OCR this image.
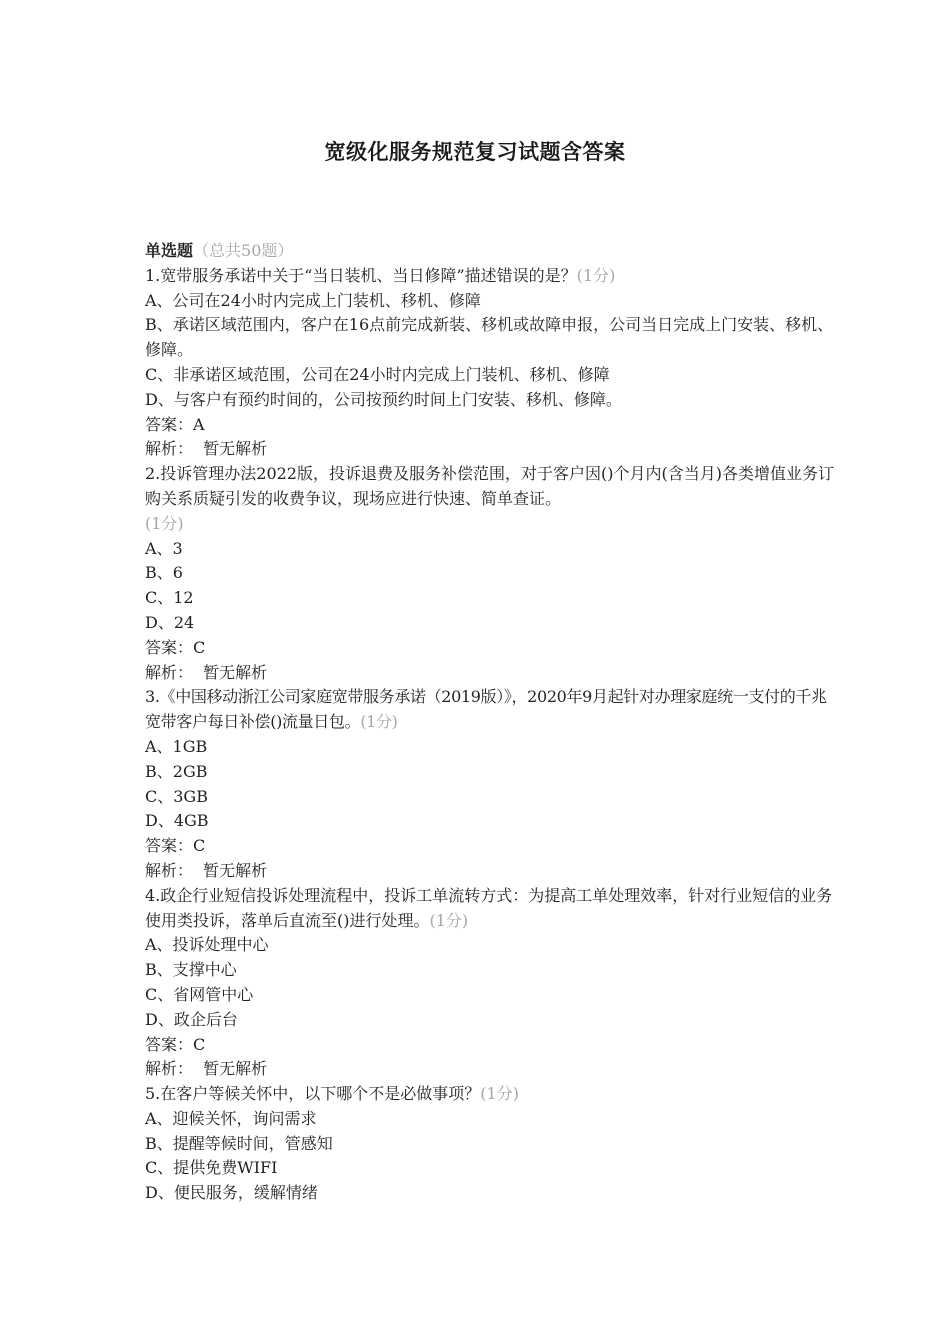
宽级化服务规范复习试题含答案
单选题（总共50题）
1.宽带服务承诺中关于“当日装机、当日修障”描述错误的是？(1分)
A、公司在24小时内完成上门装机、移机、修障
B、承诺区域范围内，客户在16点前完成新装、移机或故障申报，公司当日完成上门安装、移机、修障。
C、非承诺区域范围，公司在24小时内完成上门装机、移机、修障
D、与客户有预约时间的，公司按预约时间上门安装、移机、修障。
答案：A
解析：  暂无解析
2.投诉管理办法2022版，投诉退费及服务补偿范围，对于客户因()个月内(含当月)各类增值业务订购关系质疑引发的收费争议，现场应进行快速、简单查证。
(1分)
A、3
B、6
C、12
D、24
答案：C
解析：  暂无解析
3.《中国移动浙江公司家庭宽带服务承诺（2019版）》，2020年9月起针对办理家庭统一支付的千兆宽带客户每日补偿()流量日包。(1分)
A、1GB
B、2GB
C、3GB
D、4GB
答案：C
解析：  暂无解析
4.政企行业短信投诉处理流程中，投诉工单流转方式：为提高工单处理效率，针对行业短信的业务使用类投诉，落单后直流至()进行处理。(1分)
A、投诉处理中心
B、支撑中心
C、省网管中心
D、政企后台
答案：C
解析：  暂无解析
5.在客户等候关怀中，以下哪个不是必做事项？(1分)
A、迎候关怀，询问需求
B、提醒等候时间，管感知
C、提供免费WIFI
D、便民服务，缓解情绪
